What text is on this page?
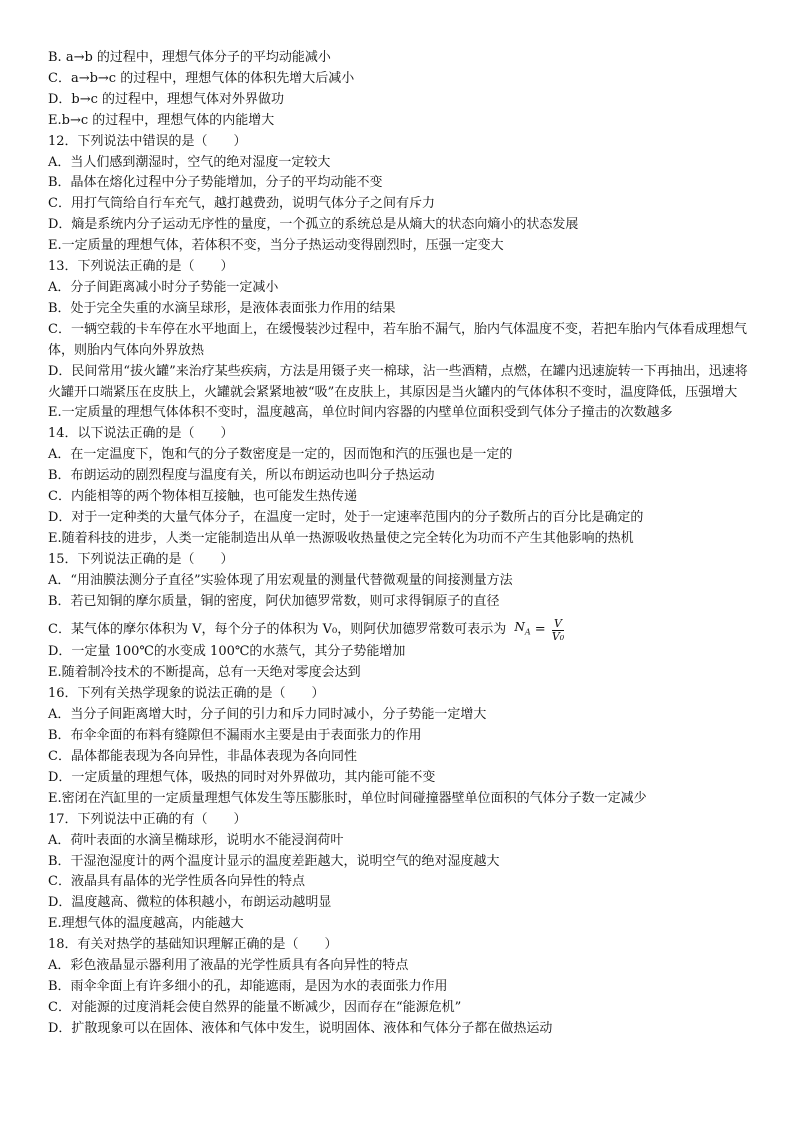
B. a→b 的过程中，理想气体分子的平均动能减小
C．a→b→c 的过程中，理想气体的体积先增大后减小
D．b→c 的过程中，理想气体对外界做功
E.b→c 的过程中，理想气体的内能增大
12．下列说法中错误的是（　　）
A．当人们感到潮湿时，空气的绝对湿度一定较大
B．晶体在熔化过程中分子势能增加，分子的平均动能不变
C．用打气筒给自行车充气，越打越费劲，说明气体分子之间有斥力
D．熵是系统内分子运动无序性的量度，一个孤立的系统总是从熵大的状态向熵小的状态发展
E.一定质量的理想气体，若体积不变，当分子热运动变得剧烈时，压强一定变大
13．下列说法正确的是（　　）
A．分子间距离减小时分子势能一定减小
B．处于完全失重的水滴呈球形，是液体表面张力作用的结果
C．一辆空载的卡车停在水平地面上，在缓慢装沙过程中，若车胎不漏气，胎内气体温度不变，若把车胎内气体看成理想气体，则胎内气体向外界放热
D．民间常用“拔火罐”来治疗某些疾病，方法是用镊子夹一棉球，沾一些酒精，点燃，在罐内迅速旋转一下再抽出，迅速将火罐开口端紧压在皮肤上，火罐就会紧紧地被“吸”在皮肤上，其原因是当火罐内的气体体积不变时，温度降低，压强增大
E.一定质量的理想气体体积不变时，温度越高，单位时间内容器的内壁单位面积受到气体分子撞击的次数越多
14．以下说法正确的是（　　）
A．在一定温度下，饱和气的分子数密度是一定的，因而饱和汽的压强也是一定的
B．布朗运动的剧烈程度与温度有关，所以布朗运动也叫分子热运动
C．内能相等的两个物体相互接触，也可能发生热传递
D．对于一定种类的大量气体分子，在温度一定时，处于一定速率范围内的分子数所占的百分比是确定的
E.随着科技的进步，人类一定能制造出从单一热源吸收热量使之完全转化为功而不产生其他影响的热机
15．下列说法正确的是（　　）
A．“用油膜法测分子直径”实验体现了用宏观量的测量代替微观量的间接测量方法
B．若已知铜的摩尔质量，铜的密度，阿伏加德罗常数，则可求得铜原子的直径
C．某气体的摩尔体积为 V，每个分子的体积为 V₀，则阿伏加德罗常数可表示为 $N_A = \frac{V}{\text{V₀}}$
D．一定量 100℃的水变成 100℃的水蒸气，其分子势能增加
E.随着制冷技术的不断提高，总有一天绝对零度会达到
16．下列有关热学现象的说法正确的是（　　）
A．当分子间距离增大时，分子间的引力和斥力同时减小，分子势能一定增大
B．布伞伞面的布料有缝隙但不漏雨水主要是由于表面张力的作用
C．晶体都能表现为各向异性，非晶体表现为各向同性
D．一定质量的理想气体，吸热的同时对外界做功，其内能可能不变
E.密闭在汽缸里的一定质量理想气体发生等压膨胀时，单位时间碰撞器壁单位面积的气体分子数一定减少
17．下列说法中正确的有（　　）
A．荷叶表面的水滴呈椭球形，说明水不能浸润荷叶
B．干湿泡湿度计的两个温度计显示的温度差距越大，说明空气的绝对湿度越大
C．液晶具有晶体的光学性质各向异性的特点
D．温度越高、微粒的体积越小，布朗运动越明显
E.理想气体的温度越高，内能越大
18．有关对热学的基础知识理解正确的是（　　）
A．彩色液晶显示器利用了液晶的光学性质具有各向异性的特点
B．雨伞伞面上有许多细小的孔，却能遮雨，是因为水的表面张力作用
C．对能源的过度消耗会使自然界的能量不断减少，因而存在“能源危机”
D．扩散现象可以在固体、液体和气体中发生，说明固体、液体和气体分子都在做热运动
